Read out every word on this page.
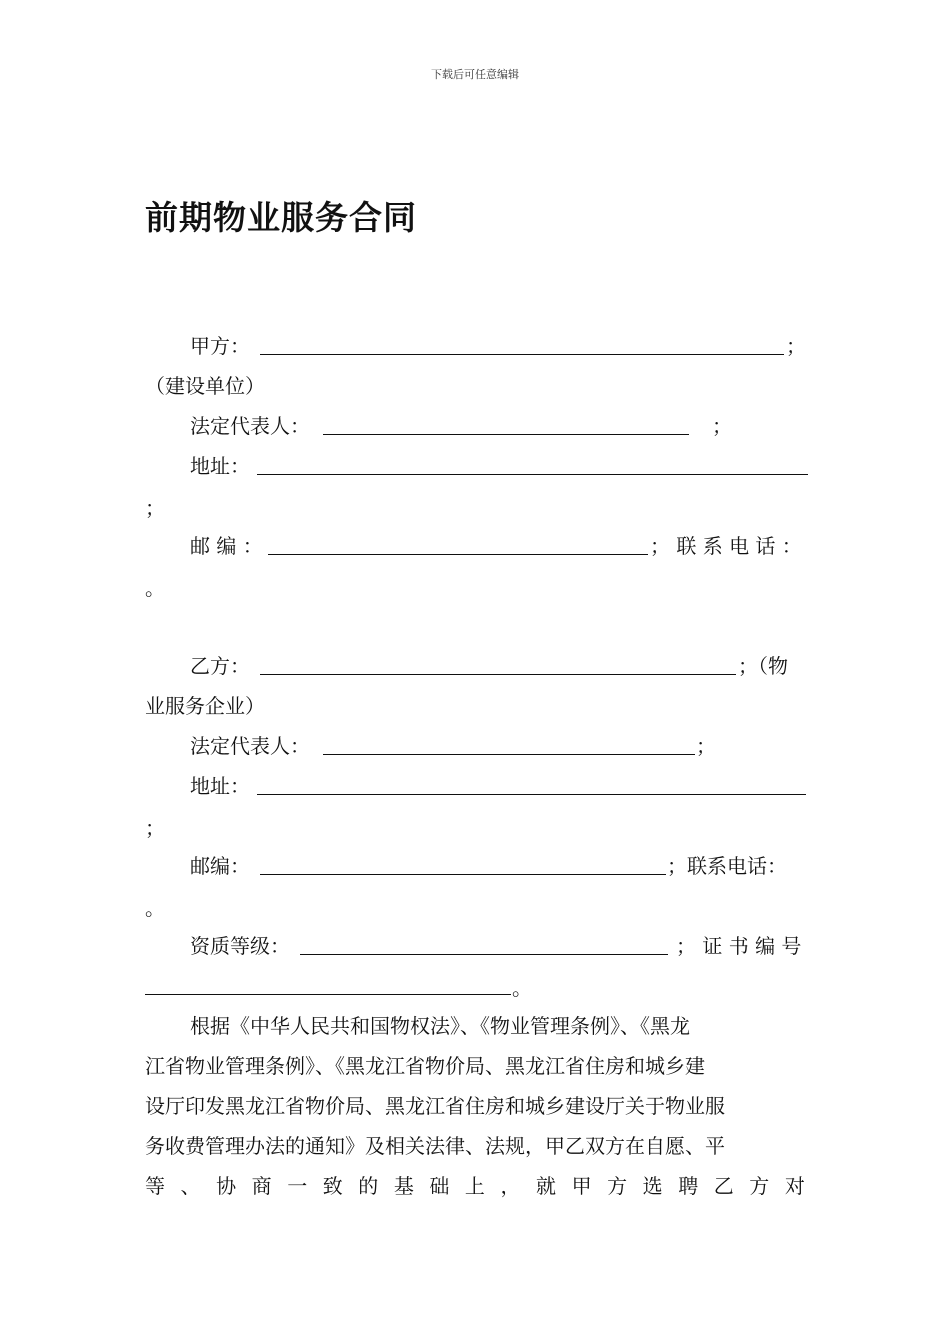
下载后可任意编辑
前期物业服务合同
甲方：	；
（建设单位）
法定代表人：	；
地址：
；
邮 编 ：	； 联 系 电 话 ：
。
乙方：	；（物
业服务企业）
法定代表人：	；
地址：
；
邮编：	；联系电话：
。
资质等级：	； 证 书 编 号
。
根据《中华人民共和国物权法》、《物业管理条例》、《黑龙
江省物业管理条例》、《黑龙江省物价局、黑龙江省住房和城乡建
设厅印发黑龙江省物价局、黑龙江省住房和城乡建设厅关于物业服
务收费管理办法的通知》及相关法律、法规，甲乙双方在自愿、平
等 、 协 商 一 致 的 基 础 上 ， 就 甲 方 选 聘 乙 方 对
